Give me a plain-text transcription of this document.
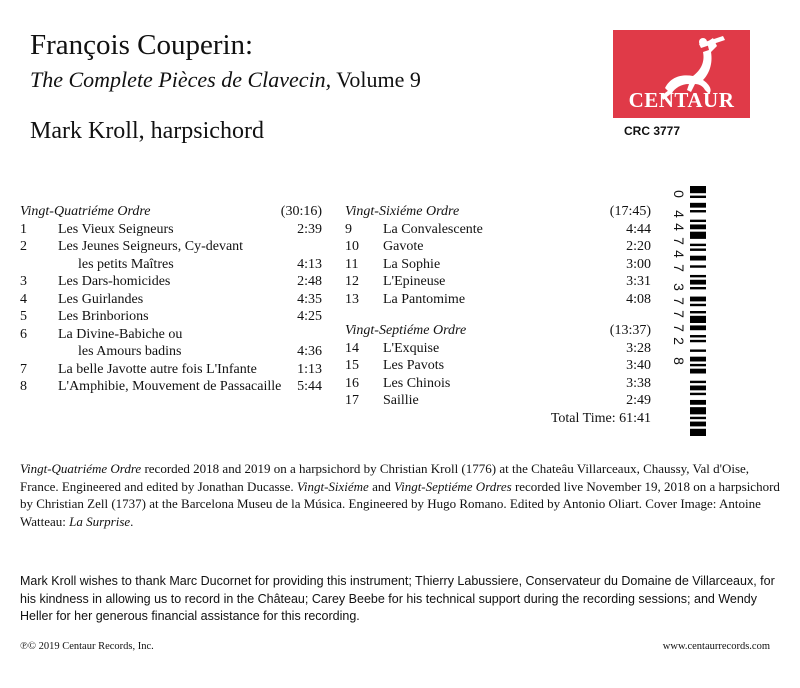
François Couperin:
The Complete Pièces de Clavecin, Volume 9
Mark Kroll, harpsichord
CENTAUR
CRC 3777
Vingt-Quatriéme Ordre	(30:16)
1 Les Vieux Seigneurs	2:39
2 Les Jeunes Seigneurs, Cy-devant
les petits Maîtres	4:13
3 Les Dars-homicides	2:48
4 Les Guirlandes	4:35
5 Les Brinborions	4:25
6 La Divine-Babiche ou
les Amours badins	4:36
7 La belle Javotte autre fois L'Infante	1:13
8 L'Amphibie, Mouvement de Passacaille 5:44
Vingt-Sixiéme Ordre	(17:45)
9 La Convalescente	4:44
10 Gavote	2:20
11 La Sophie	3:00
12 L'Epineuse	3:31
13 La Pantomime	4:08
Vingt-Septiéme Ordre	(13:37)
14 L'Exquise	3:28
15 Les Pavots	3:40
16 Les Chinois	3:38
17 Saillie	2:49
Total Time: 61:41
0
4
4
7
4
7
3
7
7
7
2
8
Vingt-Quatriéme Ordre recorded 2018 and 2019 on a harpsichord by Christian Kroll (1776) at the Chateâu Villarceaux, Chaussy, Val d'Oise, France. Engineered and edited by Jonathan Ducasse. Vingt-Sixiéme and Vingt-Septiéme Ordres recorded live November 19, 2018 on a harpsichord by Christian Zell (1737) at the Barcelona Museu de la Música. Engineered by Hugo Romano. Edited by Antonio Oliart. Cover Image: Antoine Watteau: La Surprise.
Mark Kroll wishes to thank Marc Ducornet for providing this instrument; Thierry Labussiere, Conservateur du Domaine de Villarceaux, for his kindness in allowing us to record in the Château; Carey Beebe for his technical support during the recording sessions; and Wendy Heller for her generous financial assistance for this recording.
℗© 2019 Centaur Records, Inc.	www.centaurrecords.com
